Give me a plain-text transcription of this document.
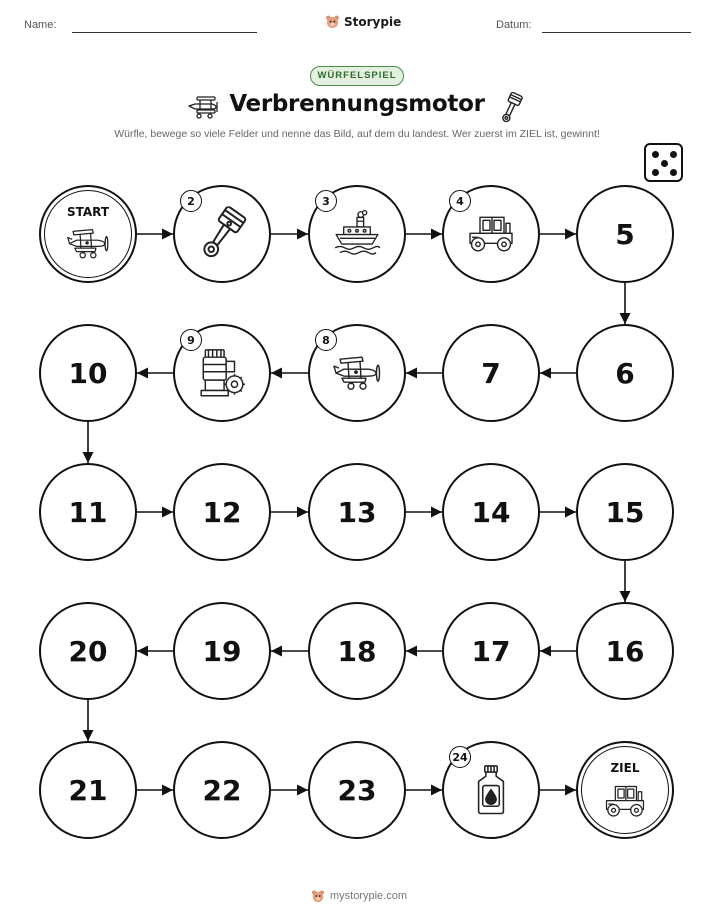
Name:	Storypie	Datum:
WÜRFELSPIEL
Verbrennungsmotor
Würfle, bewege so viele Felder und nenne das Bild, auf dem du landest. Wer zuerst im ZIEL ist, gewinnt!
START
2	3	4
5
6
7
8
9
10
11	12	13	14	15
16
17
18
19
20
21	22	23
24
ZIEL
mystorypie.com
